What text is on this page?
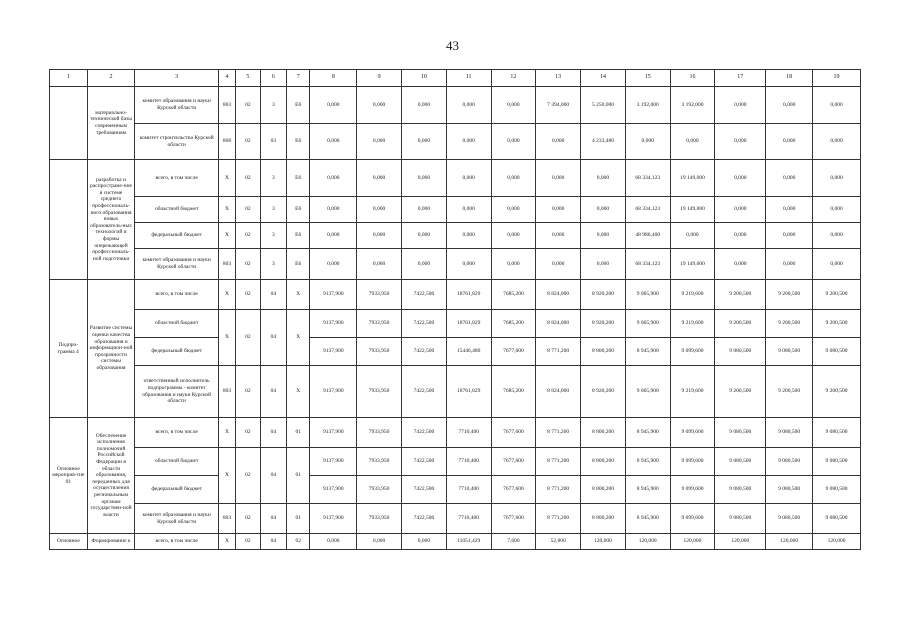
43
1	2	3	4	5	6	7	8	9	10	11	12	13	14	15	16	17	18	19
	материально-технической базы современным требованиям	комитет образования и науки Курской области	803	02	3	Е6	0,000	0,000	0,000	0,000	0,000	7 394,000	5 250,000	3 192,000	3 192,000	0,000	0,000	0,000
		комитет строительства Курской области	808	02	03	Е6	0,000	0,000	0,000	0,000	0,000	0,000	4 233,480	0,000	0,000	0,000	0,000	0,000
	разработка и распростране-ние в системе среднего профессиональ-ного образования новых образователь-ных технологий и формы опережающей профессиональ-ной подготовки	всего, в том числе	Х	02	3	Е6	0,000	0,000	0,000	0,000	0,000	0,000	0,000	68 334,123	19 149,000	0,000	0,000	0,000
		областной бюджет	Х	02	3	Е6	0,000	0,000	0,000	0,000	0,000	0,000	0,000	68 334,123	19 149,000	0,000	0,000	0,000
		федеральный бюджет	Х	02	3	Е6	0,000	0,000	0,000	0,000	0,000	0,000	0,000	48 986,400	0,000	0,000	0,000	0,000
		комитет образования и науки Курской области	803	02	3	Е6	0,000	0,000	0,000	0,000	0,000	0,000	0,000	68 334,123	19 149,000	0,000	0,000	0,000
Подпро-грамма 4	Развитие системы оценки качества образования и информацион-ной прозрачности системы образования	всего, в том числе	Х	02	04	Х	9137,900	7933,950	7422,500	18761,829	7685,200	8 824,000	8 920,200	9 065,900	9 219,600	9 200,500	9 200,500	9 200,500
		областной бюджет	Х	02	04	Х	9137,900	7933,950	7422,500	18761,829	7685,200	8 824,000	8 920,200	9 065,900	9 219,600	9 200,500	9 200,500	9 200,500
		федеральный бюджет					9137,900	7933,950	7422,500	15446,480	7677,600	8 771,200	8 800,200	8 945,900	9 099,600	9 080,500	9 080,500	9 080,500
		ответственный исполнитель подпрограммы - комитет образования и науки Курской области	803	02	04	Х	9137,900	7933,950	7422,500	18761,829	7685,200	8 824,000	8 920,200	9 065,900	9 219,600	9 200,500	9 200,500	9 200,500
Основное мероприя-тие 01	Обеспечение исполнения полномочий Российской Федерации в области образования, переданных для осуществления региональным органам государствен-ной власти	всего, в том числе	Х	02	04	01	9137,900	7933,950	7422,500	7710,400	7677,600	8 771,200	8 800,200	8 945,900	9 099,600	9 080,500	9 080,500	9 080,500
		областной бюджет	Х	02	04	01	9137,900	7933,950	7422,500	7710,400	7677,600	8 771,200	8 800,200	8 945,900	9 099,600	9 080,500	9 080,500	9 080,500
		федеральный бюджет					9137,900	7933,950	7422,500	7710,400	7677,600	8 771,200	8 800,200	8 945,900	9 099,600	9 080,500	9 080,500	9 080,500
		комитет образования и науки Курской области	803	02	04	01	9137,900	7933,950	7422,500	7710,400	7677,600	8 771,200	8 800,200	8 945,900	9 099,600	9 080,500	9 080,500	9 080,500
Основное	Формирование к	всего, в том числе	Х	02	04	02	0,000	0,000	0,000	11051,429	7,600	52,800	120,000	120,000	120,000	120,000	120,000	120,000
